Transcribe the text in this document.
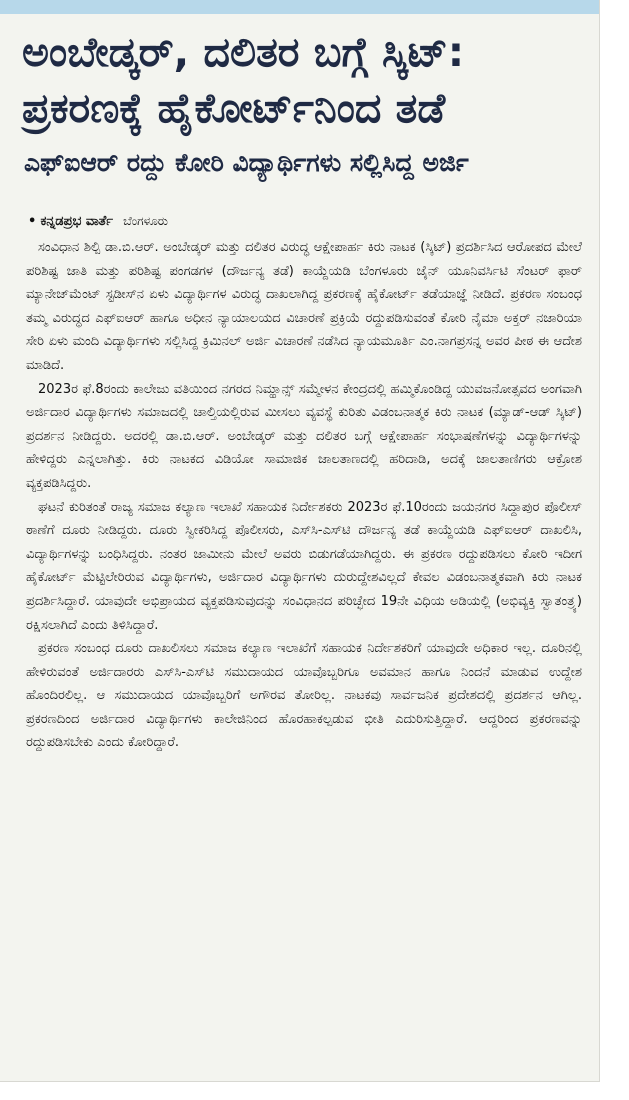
ಅಂಬೇಡ್ಕರ್, ದಲಿತರ ಬಗ್ಗೆ ಸ್ಕಿಟ್: ಪ್ರಕರಣಕ್ಕೆ ಹೈಕೋರ್ಟ್‌ನಿಂದ ತಡೆ
ಎಫ್‌ಐಆರ್ ರದ್ದು ಕೋರಿ ವಿದ್ಯಾರ್ಥಿಗಳು ಸಲ್ಲಿಸಿದ್ದ ಅರ್ಜಿ
• ಕನ್ನಡಪ್ರಭ ವಾರ್ತೆ ಬೆಂಗಳೂರು

ಸಂವಿಧಾನ ಶಿಲ್ಪಿ ಡಾ.ಬಿ.ಆರ್. ಅಂಬೇಡ್ಕರ್ ಮತ್ತು ದಲಿತರ ವಿರುದ್ಧ ಆಕ್ಷೇಪಾರ್ಹ ಕಿರು ನಾಟಕ (ಸ್ಕಿಟ್) ಪ್ರದರ್ಶಿಸಿದ ಆರೋಪದ ಮೇಲೆ ಪರಿಶಿಷ್ಟ ಜಾತಿ ಮತ್ತು ಪರಿಶಿಷ್ಟ ಪಂಗಡಗಳ (ದೌರ್ಜನ್ಯ ತಡೆ) ಕಾಯ್ದೆಯಡಿ ಬೆಂಗಳೂರು ಜೈನ್ ಯೂನಿವರ್ಸಿಟಿ ಸೆಂಟರ್ ಫಾರ್ ಮ್ಯಾನೇಜ್‌ಮೆಂಟ್ ಸ್ಟಡೀಸ್‌ನ ಏಳು ವಿದ್ಯಾರ್ಥಿಗಳ ವಿರುದ್ಧ ದಾಖಲಾಗಿದ್ದ ಪ್ರಕರಣಕ್ಕೆ ಹೈಕೋರ್ಟ್ ತಡೆಯಾಜ್ಞೆ ನೀಡಿದೆ. ಪ್ರಕರಣ ಸಂಬಂಧ ತಮ್ಮ ವಿರುದ್ಧದ ಎಫ್‌ಐಆರ್ ಹಾಗೂ ಅಧೀನ ನ್ಯಾಯಾಲಯದ ವಿಚಾರಣೆ ಪ್ರಕ್ರಿಯೆ ರದ್ದುಪಡಿಸುವಂತೆ ಕೋರಿ ನೈಮಾ ಅಕ್ತರ್ ನಜಾರಿಯಾ ಸೇರಿ ಏಳು ಮಂದಿ ವಿದ್ಯಾರ್ಥಿಗಳು ಸಲ್ಲಿಸಿದ್ದ ಕ್ರಿಮಿನಲ್ ಅರ್ಜಿ ವಿಚಾರಣೆ ನಡೆಸಿದ ನ್ಯಾಯಮೂರ್ತಿ ಎಂ.ನಾಗಪ್ರಸನ್ನ ಅವರ ಪೀಠ ಈ ಆದೇಶ ಮಾಡಿದೆ.

2023ರ ಫೆ.8ರಂದು ಕಾಲೇಜು ವತಿಯಿಂದ ನಗರದ ನಿಮ್ಹಾನ್ಸ್ ಸಮ್ಮೇಳನ ಕೇಂದ್ರದಲ್ಲಿ ಹಮ್ಮಿಕೊಂಡಿದ್ದ ಯುವಜನೋತ್ಸವದ ಅಂಗವಾಗಿ ಅರ್ಜಿದಾರ ವಿದ್ಯಾರ್ಥಿಗಳು ಸಮಾಜದಲ್ಲಿ ಚಾಲ್ತಿಯಲ್ಲಿರುವ ಮೀಸಲು ವ್ಯವಸ್ಥೆ ಕುರಿತು ವಿಡಂಬನಾತ್ಮಕ ಕಿರು ನಾಟಕ (ಮ್ಯಾಡ್-ಆಡ್ ಸ್ಕಿಟ್) ಪ್ರದರ್ಶನ ನೀಡಿದ್ದರು. ಅದರಲ್ಲಿ ಡಾ.ಬಿ.ಆರ್. ಅಂಬೇಡ್ಕರ್ ಮತ್ತು ದಲಿತರ ಬಗ್ಗೆ ಆಕ್ಷೇಪಾರ್ಹ ಸಂಭಾಷಣೆಗಳನ್ನು ವಿದ್ಯಾರ್ಥಿಗಳನ್ನು ಹೇಳಿದ್ದರು ಎನ್ನಲಾಗಿತ್ತು. ಕಿರು ನಾಟಕದ ವಿಡಿಯೋ ಸಾಮಾಜಿಕ ಜಾಲತಾಣದಲ್ಲಿ ಹರಿದಾಡಿ, ಅದಕ್ಕೆ ಜಾಲತಾಣಿಗರು ಆಕ್ರೋಶ ವ್ಯಕ್ತಪಡಿಸಿದ್ದರು.

ಘಟನೆ ಕುರಿತಂತೆ ರಾಜ್ಯ ಸಮಾಜ ಕಲ್ಯಾಣ ಇಲಾಖೆ ಸಹಾಯಕ ನಿರ್ದೇಶಕರು 2023ರ ಫೆ.10ರಂದು ಜಯನಗರ ಸಿದ್ದಾಪುರ ಪೊಲೀಸ್ ಠಾಣೆಗೆ ದೂರು ನೀಡಿದ್ದರು. ದೂರು ಸ್ವೀಕರಿಸಿದ್ದ ಪೊಲೀಸರು, ಎಸ್‌ಸಿ-ಎಸ್‌ಟಿ ದೌರ್ಜನ್ಯ ತಡೆ ಕಾಯ್ದೆಯಡಿ ಎಫ್‌ಐಆರ್ ದಾಖಲಿಸಿ, ವಿದ್ಯಾರ್ಥಿಗಳನ್ನು ಬಂಧಿಸಿದ್ದರು. ನಂತರ ಜಾಮೀನು ಮೇಲೆ ಅವರು ಬಿಡುಗಡೆಯಾಗಿದ್ದರು. ಈ ಪ್ರಕರಣ ರದ್ದುಪಡಿಸಲು ಕೋರಿ ಇದೀಗ ಹೈಕೋರ್ಟ್ ಮೆಟ್ಟಿಲೇರಿರುವ ವಿದ್ಯಾರ್ಥಿಗಳು, ಅರ್ಜಿದಾರ ವಿದ್ಯಾರ್ಥಿಗಳು ದುರುದ್ದೇಶವಿಲ್ಲದೆ ಕೇವಲ ವಿಡಂಬನಾತ್ಮಕವಾಗಿ ಕಿರು ನಾಟಕ ಪ್ರದರ್ಶಿಸಿದ್ದಾರೆ. ಯಾವುದೇ ಅಭಿಪ್ರಾಯದ ವ್ಯಕ್ತಪಡಿಸುವುದನ್ನು ಸಂವಿಧಾನದ ಪರಿಚ್ಛೇದ 19ನೇ ವಿಧಿಯ ಅಡಿಯಲ್ಲಿ (ಅಭಿವ್ಯಕ್ತಿ ಸ್ವಾತಂತ್ರ್ಯ) ರಕ್ಷಿಸಲಾಗಿದೆ ಎಂದು ತಿಳಿಸಿದ್ದಾರೆ.

ಪ್ರಕರಣ ಸಂಬಂಧ ದೂರು ದಾಖಲಿಸಲು ಸಮಾಜ ಕಲ್ಯಾಣ ಇಲಾಖೆಗೆ ಸಹಾಯಕ ನಿರ್ದೇಶಕರಿಗೆ ಯಾವುದೇ ಅಧಿಕಾರ ಇಲ್ಲ. ದೂರಿನಲ್ಲಿ ಹೇಳಿರುವಂತೆ ಅರ್ಜಿದಾರರು ಎಸ್‌ಸಿ-ಎಸ್‌ಟಿ ಸಮುದಾಯದ ಯಾವೊಬ್ಬರಿಗೂ ಅವಮಾನ ಹಾಗೂ ನಿಂದನೆ ಮಾಡುವ ಉದ್ದೇಶ ಹೊಂದಿರಲಿಲ್ಲ. ಆ ಸಮುದಾಯದ ಯಾವೊಬ್ಬರಿಗೆ ಅಗೌರವ ತೋರಿಲ್ಲ. ನಾಟಕವು ಸಾರ್ವಜನಿಕ ಪ್ರದೇಶದಲ್ಲಿ ಪ್ರದರ್ಶನ ಆಗಿಲ್ಲ. ಪ್ರಕರಣದಿಂದ ಅರ್ಜಿದಾರ ವಿದ್ಯಾರ್ಥಿಗಳು ಕಾಲೇಜಿನಿಂದ ಹೊರಹಾಕಲ್ಪಡುವ ಭೀತಿ ಎದುರಿಸುತ್ತಿದ್ದಾರೆ. ಆದ್ದರಿಂದ ಪ್ರಕರಣವನ್ನು ರದ್ದುಪಡಿಸಬೇಕು ಎಂದು ಕೋರಿದ್ದಾರೆ.
